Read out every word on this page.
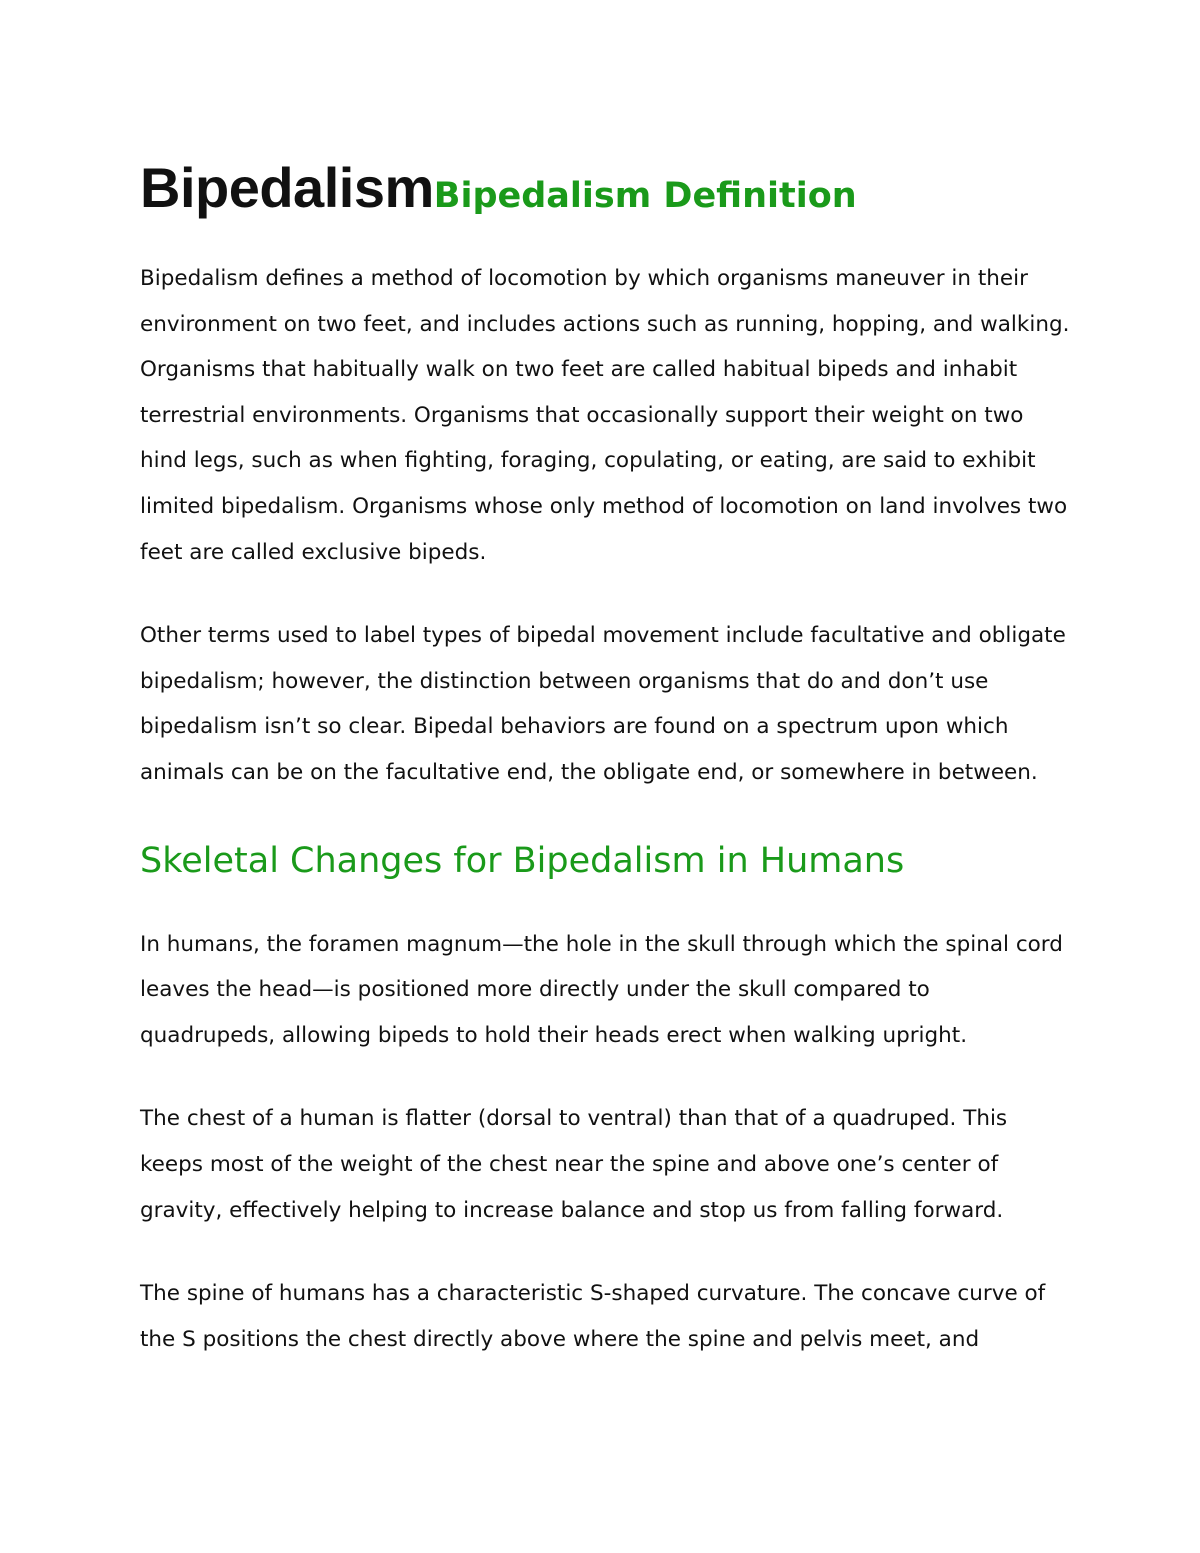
BipedalismBipedalism Definition

Bipedalism defines a method of locomotion by which organisms maneuver in their environment on two feet, and includes actions such as running, hopping, and walking. Organisms that habitually walk on two feet are called habitual bipeds and inhabit terrestrial environments. Organisms that occasionally support their weight on two hind legs, such as when fighting, foraging, copulating, or eating, are said to exhibit limited bipedalism. Organisms whose only method of locomotion on land involves two feet are called exclusive bipeds.

Other terms used to label types of bipedal movement include facultative and obligate bipedalism; however, the distinction between organisms that do and don’t use bipedalism isn’t so clear. Bipedal behaviors are found on a spectrum upon which animals can be on the facultative end, the obligate end, or somewhere in between.

Skeletal Changes for Bipedalism in Humans

In humans, the foramen magnum—the hole in the skull through which the spinal cord leaves the head—is positioned more directly under the skull compared to quadrupeds, allowing bipeds to hold their heads erect when walking upright.

The chest of a human is flatter (dorsal to ventral) than that of a quadruped. This keeps most of the weight of the chest near the spine and above one’s center of gravity, effectively helping to increase balance and stop us from falling forward.

The spine of humans has a characteristic S-shaped curvature. The concave curve of the S positions the chest directly above where the spine and pelvis meet, and
